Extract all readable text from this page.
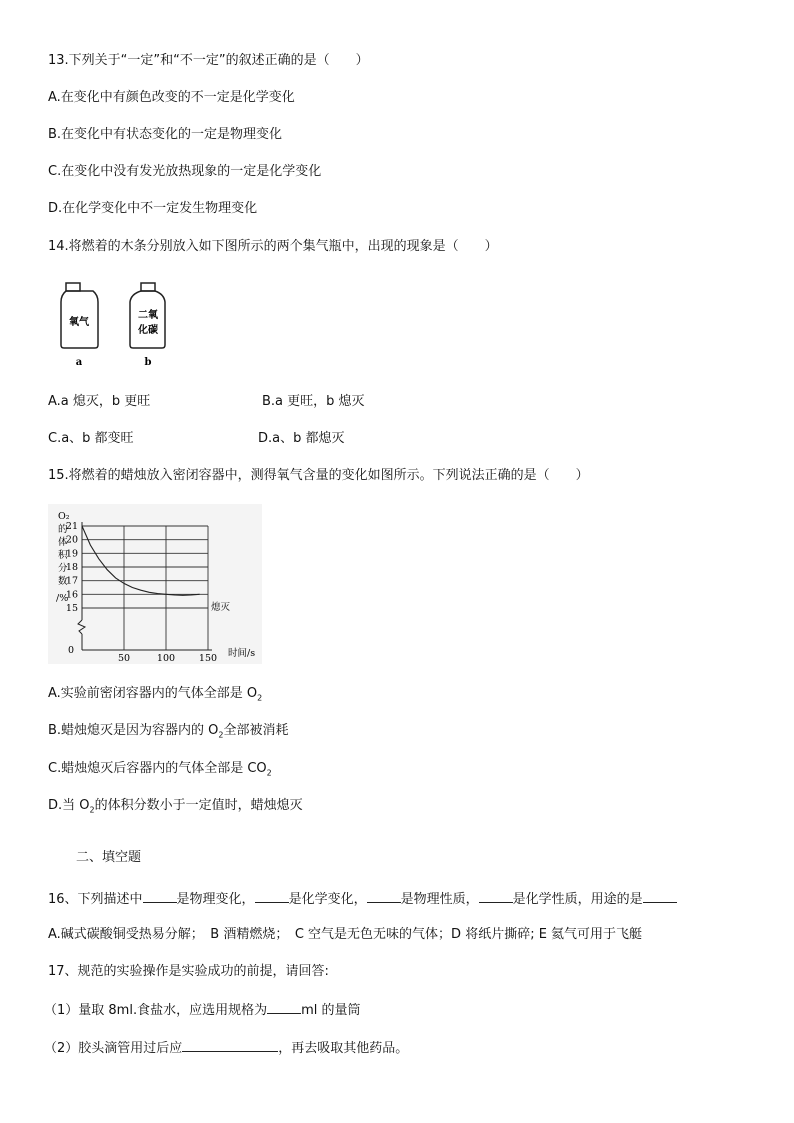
13.下列关于“一定”和“不一定”的叙述正确的是（　　）
A.在变化中有颜色改变的不一定是化学变化
B.在变化中有状态变化的一定是物理变化
C.在变化中没有发光放热现象的一定是化学变化
D.在化学变化中不一定发生物理变化
14.将燃着的木条分别放入如下图所示的两个集气瓶中，出现的现象是（　　）
氧气
a
二氧
化碳
b
A.a 熄灭，b 更旺	B.a 更旺，b 熄灭
C.a、b 都变旺	D.a、b 都熄灭
15.将燃着的蜡烛放入密闭容器中，测得氧气含量的变化如图所示。下列说法正确的是（　　）
15
16
17
18
19
20
21
50	100	150
0
O₂
的
体
积
分
数
/%
时间/s
熄灭
A.实验前密闭容器内的气体全部是 $O_2$
B.蜡烛熄灭是因为容器内的 $O_2$全部被消耗
C.蜡烛熄灭后容器内的气体全部是 $CO_2$
D.当 $O_2$的体积分数小于一定值时，蜡烛熄灭
二、填空题
16、下列描述中	是物理变化，	是化学变化，	是物理性质，	是化学性质，用途的是
A.碱式碳酸铜受热易分解；　B 酒精燃烧；　C 空气是无色无味的气体；D 将纸片撕碎; E 氦气可用于飞艇
17、规范的实验操作是实验成功的前提，请回答:
（1）量取 8ml.食盐水，应选用规格为	ml 的量筒
（2）胶头滴管用过后应	，再去吸取其他药品。
